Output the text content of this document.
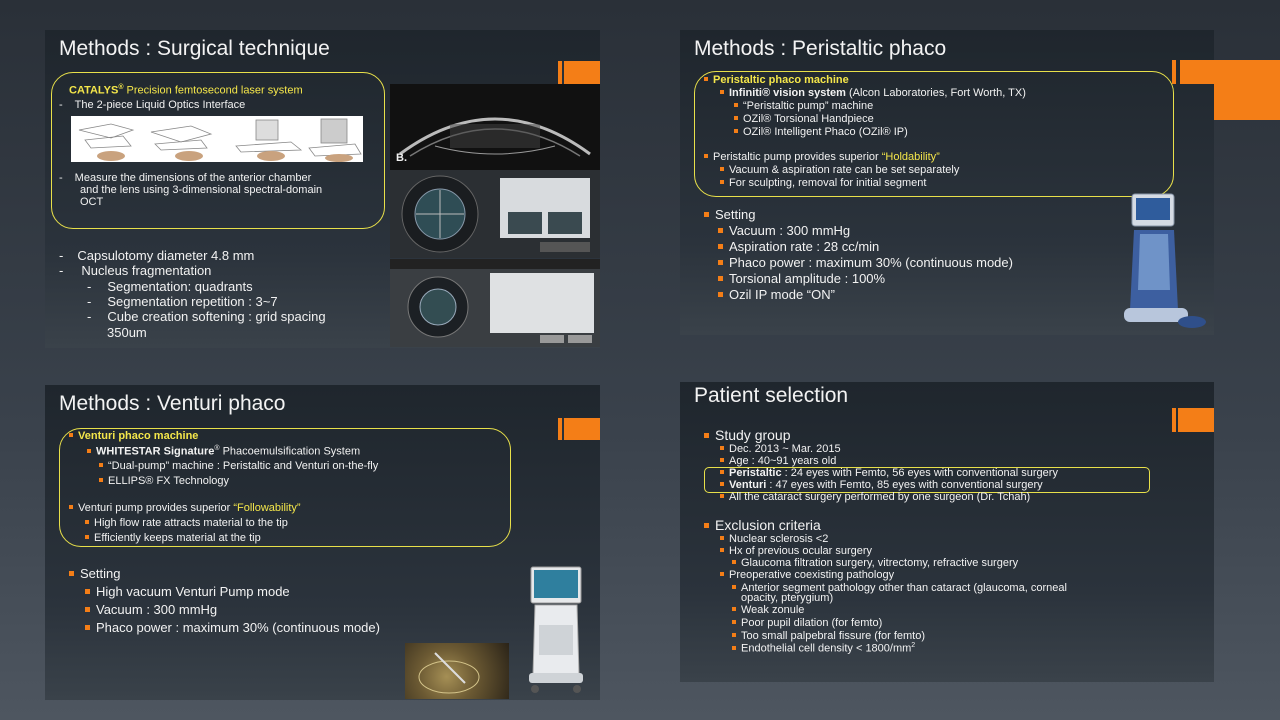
Methods : Surgical technique
CATALYS® Precision femtosecond laser system
- The 2-piece Liquid Optics Interface
- Measure the dimensions of the anterior chamber
and the lens using 3-dimensional spectral-domain
OCT
- Capsulotomy diameter 4.8 mm
- Nucleus fragmentation
- Segmentation: quadrants
- Segmentation repetition : 3~7
- Cube creation softening : grid spacing
350um
B.
Methods : Peristaltic phaco
Peristaltic phaco machine
Infiniti® vision system (Alcon Laboratories, Fort Worth, TX)
“Peristaltic pump” machine
OZil® Torsional Handpiece
OZil® Intelligent Phaco (OZil® IP)
Peristaltic pump provides superior “Holdability”
Vacuum & aspiration rate can be set separately
For sculpting, removal for initial segment
Setting
Vacuum : 300 mmHg
Aspiration rate : 28 cc/min
Phaco power : maximum 30% (continuous mode)
Torsional amplitude : 100%
Ozil IP mode “ON”
Methods : Venturi phaco
Venturi phaco machine
WHITESTAR Signature® Phacoemulsification System
“Dual-pump” machine : Peristaltic and Venturi on-the-fly
ELLIPS® FX Technology
Venturi pump provides superior “Followability”
High flow rate attracts material to the tip
Efficiently keeps material at the tip
Setting
High vacuum Venturi Pump mode
Vacuum : 300 mmHg
Phaco power : maximum 30% (continuous mode)
Patient selection
Study group
Dec. 2013 ~ Mar. 2015
Age : 40~91 years old
Peristaltic : 24 eyes with Femto, 56 eyes with conventional surgery
Venturi : 47 eyes with Femto, 85 eyes with conventional surgery
All the cataract surgery performed by one surgeon (Dr. Tchah)
Exclusion criteria
Nuclear sclerosis <2
Hx of previous ocular surgery
Glaucoma filtration surgery, vitrectomy, refractive surgery
Preoperative coexisting pathology
Anterior segment pathology other than cataract (glaucoma, corneal
opacity, pterygium)
Weak zonule
Poor pupil dilation (for femto)
Too small palpebral fissure (for femto)
Endothelial cell density < $1800/mm^2$
